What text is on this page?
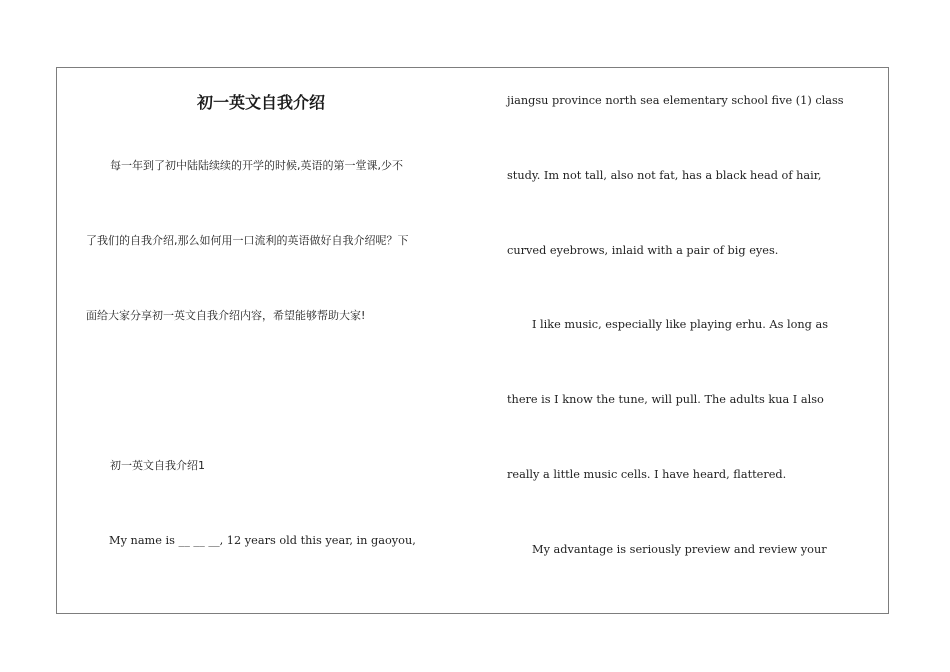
初一英文自我介绍
每一年到了初中陆陆续续的开学的时候,英语的第一堂课,少不
了我们的自我介绍,那么如何用一口流利的英语做好自我介绍呢？下
面给大家分享初一英文自我介绍内容，希望能够帮助大家!
初一英文自我介绍1
My name is __ __ __, 12 years old this year, in gaoyou,
jiangsu province north sea elementary school five (1) class
study. Im not tall, also not fat, has a black head of hair,
curved eyebrows, inlaid with a pair of big eyes.
I like music, especially like playing erhu. As long as
there is I know the tune, will pull. The adults kua I also
really a little music cells. I have heard, flattered.
My advantage is seriously preview and review your
